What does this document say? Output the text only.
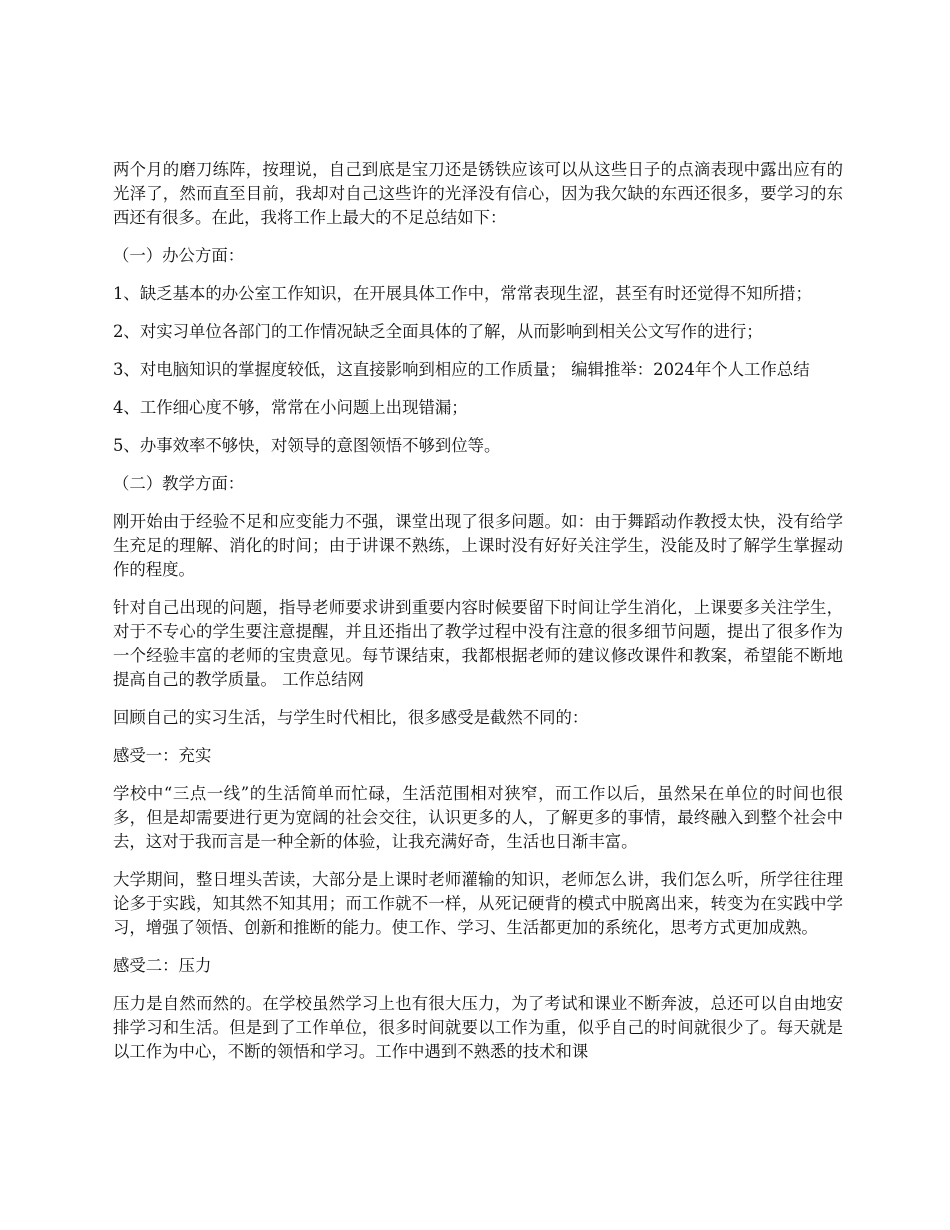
两个月的磨刀练阵，按理说，自己到底是宝刀还是锈铁应该可以从这些日子的点滴表现中露出应有的光泽了，然而直至目前，我却对自己这些许的光泽没有信心，因为我欠缺的东西还很多，要学习的东西还有很多。在此，我将工作上最大的不足总结如下：

（一）办公方面：

1、缺乏基本的办公室工作知识，在开展具体工作中，常常表现生涩，甚至有时还觉得不知所措；

2、对实习单位各部门的工作情况缺乏全面具体的了解，从而影响到相关公文写作的进行；

3、对电脑知识的掌握度较低，这直接影响到相应的工作质量； 编辑推举：2024年个人工作总结

4、工作细心度不够，常常在小问题上出现错漏；

5、办事效率不够快，对领导的意图领悟不够到位等。

（二）教学方面：

刚开始由于经验不足和应变能力不强，课堂出现了很多问题。如：由于舞蹈动作教授太快，没有给学生充足的理解、消化的时间；由于讲课不熟练，上课时没有好好关注学生，没能及时了解学生掌握动作的程度。

针对自己出现的问题，指导老师要求讲到重要内容时候要留下时间让学生消化，上课要多关注学生，对于不专心的学生要注意提醒，并且还指出了教学过程中没有注意的很多细节问题，提出了很多作为一个经验丰富的老师的宝贵意见。每节课结束，我都根据老师的建议修改课件和教案，希望能不断地提高自己的教学质量。 工作总结网

回顾自己的实习生活，与学生时代相比，很多感受是截然不同的：

感受一：充实

学校中“三点一线”的生活简单而忙碌，生活范围相对狭窄，而工作以后，虽然呆在单位的时间也很多，但是却需要进行更为宽阔的社会交往，认识更多的人，了解更多的事情，最终融入到整个社会中去，这对于我而言是一种全新的体验，让我充满好奇，生活也日渐丰富。

大学期间，整日埋头苦读，大部分是上课时老师灌输的知识，老师怎么讲，我们怎么听，所学往往理论多于实践，知其然不知其用；而工作就不一样，从死记硬背的模式中脱离出来，转变为在实践中学习，增强了领悟、创新和推断的能力。使工作、学习、生活都更加的系统化，思考方式更加成熟。

感受二：压力

压力是自然而然的。在学校虽然学习上也有很大压力，为了考试和课业不断奔波，总还可以自由地安排学习和生活。但是到了工作单位，很多时间就要以工作为重，似乎自己的时间就很少了。每天就是以工作为中心，不断的领悟和学习。工作中遇到不熟悉的技术和课
